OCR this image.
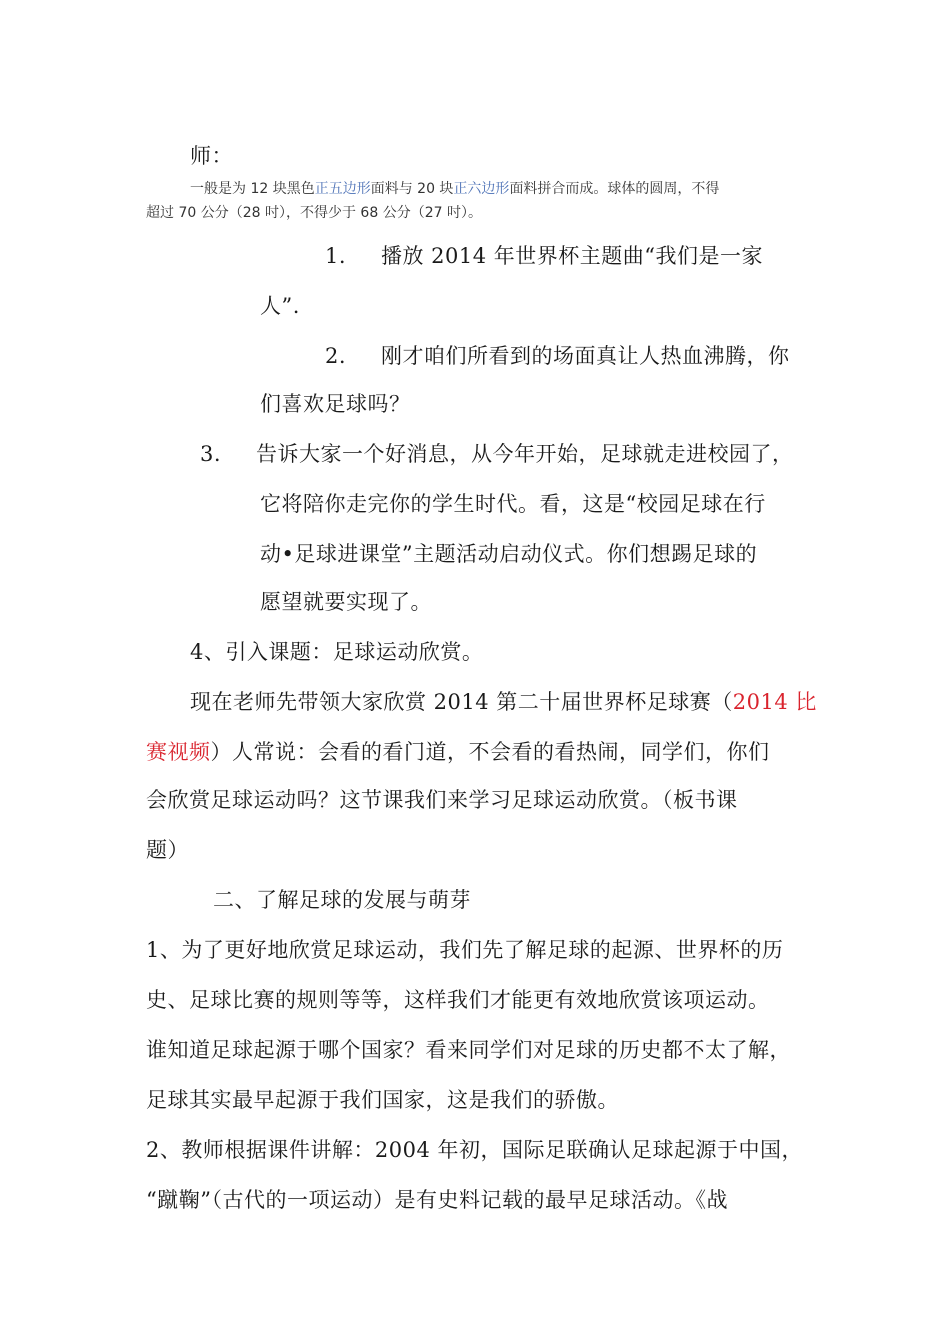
师：
一般是为 12 块黑色正五边形面料与 20 块正六边形面料拼合而成。球体的圆周，不得
超过 70 公分（28 吋），不得少于 68 公分（27 吋）。
1. 播放 2014 年世界杯主题曲“我们是一家
人”.
2. 刚才咱们所看到的场面真让人热血沸腾，你
们喜欢足球吗？
3. 告诉大家一个好消息，从今年开始，足球就走进校园了，
它将陪你走完你的学生时代。看，这是“校园足球在行
动•足球进课堂”主题活动启动仪式。你们想踢足球的
愿望就要实现了。
4、引入课题：足球运动欣赏。
现在老师先带领大家欣赏 2014 第二十届世界杯足球赛（2014 比
赛视频）人常说：会看的看门道，不会看的看热闹，同学们，你们
会欣赏足球运动吗？这节课我们来学习足球运动欣赏。（板书课
题）
二、了解足球的发展与萌芽
1、为了更好地欣赏足球运动，我们先了解足球的起源、世界杯的历
史、足球比赛的规则等等，这样我们才能更有效地欣赏该项运动。
谁知道足球起源于哪个国家？看来同学们对足球的历史都不太了解，
足球其实最早起源于我们国家，这是我们的骄傲。
2、教师根据课件讲解：2004 年初，国际足联确认足球起源于中国，
“蹴鞠”（古代的一项运动）是有史料记载的最早足球活动。《战
